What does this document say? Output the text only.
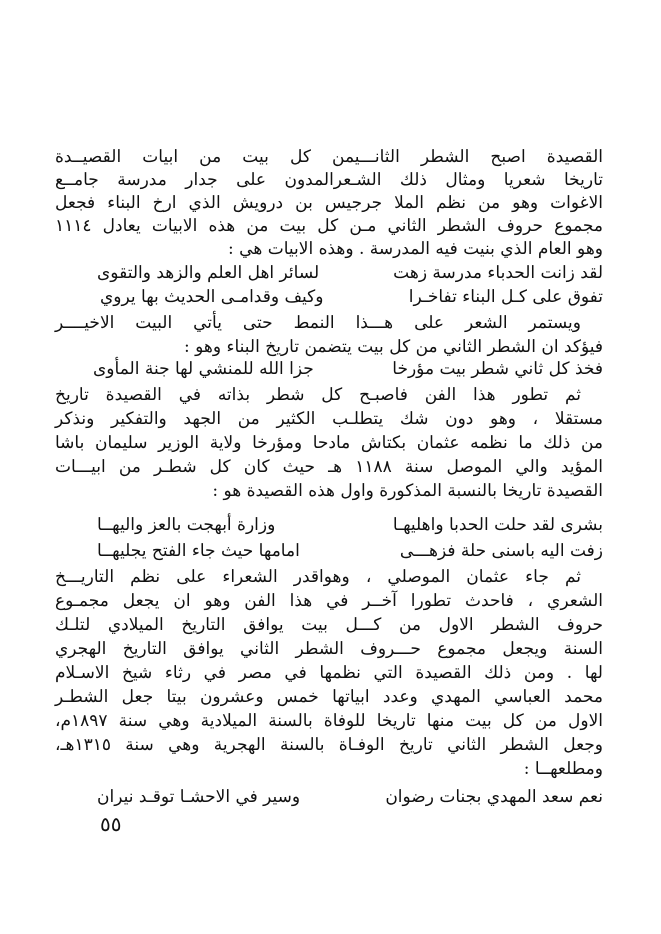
القصيدة اصبح الشطر الثانـــيمن كل بيت من ابيات القصيــدة
تاريخا شعريا ومثال ذلك الشـعرالمدون على جدار مدرسة جامــع
الاغوات وهو من نظم الملا جرجيس بن درويش الذي ارخ البناء فجعل
مجموع حروف الشطر الثاني مـن كل بيت من هذه الابيات يعادل ١١١٤
وهو العام الذي بنيت فيه المدرسة . وهذه الابيات هي :
لقد زانت الحدباء مدرسة زهت
لسائر اهل العلم والزهد والتقوى
تفوق على كـل البناء تفاخـرا
وكيف وقدامـى الحديث بها يروي
ويستمر الشعر على هـــذا النمط حتى يأتي البيت الاخيــــر
فيؤكد ان الشطر الثاني من كل بيت يتضمن تاريخ البناء وهو :
فخذ كل ثاني شطر بيت مؤرخا
جزا الله للمنشي لها جنة المأوى
ثم تطور هذا الفن فاصبـح كل شطر بذاته في القصيدة تاريخ
مستقلا ، وهو دون شك يتطلـب الكثير من الجهد والتفكير ونذكر
من ذلك ما نظمه عثمان بكتاش مادحا ومؤرخا ولاية الوزير سليمان باشا
المؤيد والي الموصل سنة ١١٨٨ هـ حيث كان كل شطـر من ابيـــات
القصيدة تاريخا بالنسبة المذكورة واول هذه القصيدة هو :
بشرى لقد حلت الحدبا واهليهـا
وزارة أبهجت بالعز واليهــا
زفت اليه باسنى حلة فزهـــى
امامها حيث جاء الفتح يجليهــا
ثم جاء عثمان الموصلي ، وهواقدر الشعراء على نظم التاريـــخ
الشعري ، فاحدث تطورا آخــر في هذا الفن وهو ان يجعل مجمـوع
حروف الشطر الاول من كـــل بيت يوافق التاريخ الميلادي لتلـك
السنة ويجعل مجموع حـــروف الشطر الثاني يوافق التاريخ الهجري
لها . ومن ذلك القصيدة التي نظمها في مصر في رثاء شيخ الاسـلام
محمد العباسي المهدي وعدد ابياتها خمس وعشرون بيتا جعل الشطـر
الاول من كل بيت منها تاريخا للوفاة بالسنة الميلادية وهي سنة ١٨٩٧م،
وجعل الشطر الثاني تاريخ الوفـاة بالسنة الهجرية وهي سنة ١٣١٥هـ،
ومطلعهــا :
نعم سعد المهدي بجنات رضوان
وسير في الاحشـا توقـد نيران
٥٥
